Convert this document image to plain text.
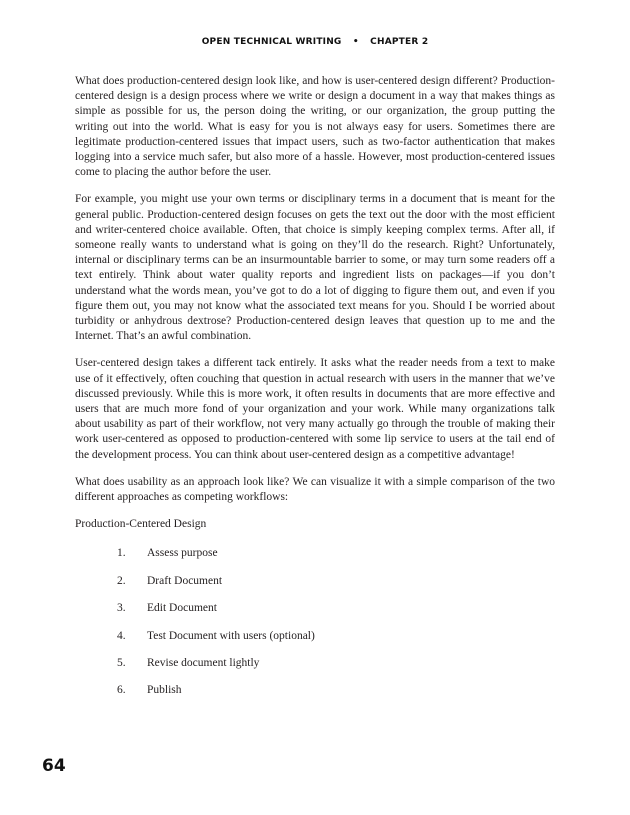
OPEN TECHNICAL WRITING • CHAPTER 2

What does production-centered design look like, and how is user-centered design different? Production-centered design is a design process where we write or design a document in a way that makes things as simple as possible for us, the person doing the writing, or our organization, the group putting the writing out into the world. What is easy for you is not always easy for users. Sometimes there are legitimate production-centered issues that impact users, such as two-factor authentication that makes logging into a service much safer, but also more of a hassle. However, most production-centered issues come to placing the author before the user.

For example, you might use your own terms or disciplinary terms in a document that is meant for the general public. Production-centered design focuses on gets the text out the door with the most efficient and writer-centered choice available. Often, that choice is simply keeping complex terms. After all, if someone really wants to understand what is going on they’ll do the research. Right? Unfortunately, internal or disciplinary terms can be an insurmountable barrier to some, or may turn some readers off a text entirely. Think about water quality reports and ingredient lists on packages—if you don’t understand what the words mean, you’ve got to do a lot of digging to figure them out, and even if you figure them out, you may not know what the associated text means for you. Should I be worried about turbidity or anhydrous dextrose? Production-centered design leaves that question up to me and the Internet. That’s an awful combination.

User-centered design takes a different tack entirely. It asks what the reader needs from a text to make use of it effectively, often couching that question in actual research with users in the manner that we’ve discussed previously. While this is more work, it often results in documents that are more effective and users that are much more fond of your organization and your work. While many organizations talk about usability as part of their workflow, not very many actually go through the trouble of making their work user-centered as opposed to production-centered with some lip service to users at the tail end of the development process. You can think about user-centered design as a competitive advantage!

What does usability as an approach look like? We can visualize it with a simple comparison of the two different approaches as competing workflows:

Production-Centered Design
1.	Assess purpose
2.	Draft Document
3.	Edit Document
4.	Test Document with users (optional)
5.	Revise document lightly
6.	Publish
64
